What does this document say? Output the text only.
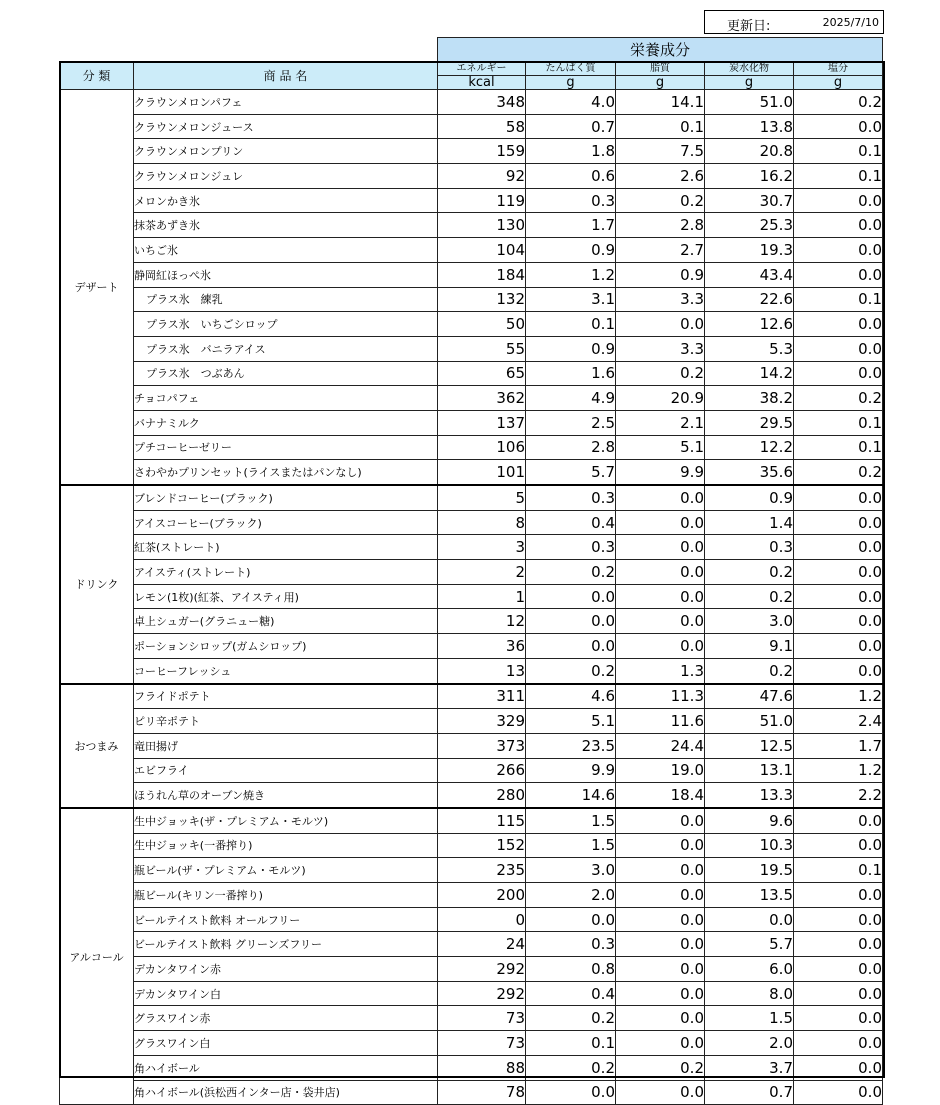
更新日:	2025/7/10
		栄養成分				
分 類	商 品 名	エネルギー	たんぱく質	脂質	炭水化物	塩分
		kcal	g	g	g	g
デザート	クラウンメロンパフェ	348	4.0	14.1	51.0	0.2
	クラウンメロンジュース	58	0.7	0.1	13.8	0.0
	クラウンメロンプリン	159	1.8	7.5	20.8	0.1
	クラウンメロンジュレ	92	0.6	2.6	16.2	0.1
	メロンかき氷	119	0.3	0.2	30.7	0.0
	抹茶あずき氷	130	1.7	2.8	25.3	0.0
	いちご氷	104	0.9	2.7	19.3	0.0
	静岡紅ほっぺ氷	184	1.2	0.9	43.4	0.0
	プラス氷　練乳	132	3.1	3.3	22.6	0.1
	プラス氷　いちごシロップ	50	0.1	0.0	12.6	0.0
	プラス氷　バニラアイス	55	0.9	3.3	5.3	0.0
	プラス氷　つぶあん	65	1.6	0.2	14.2	0.0
	チョコパフェ	362	4.9	20.9	38.2	0.2
	バナナミルク	137	2.5	2.1	29.5	0.1
	プチコーヒーゼリー	106	2.8	5.1	12.2	0.1
	さわやかプリンセット(ライスまたはパンなし)	101	5.7	9.9	35.6	0.2
ドリンク	ブレンドコーヒー(ブラック)	5	0.3	0.0	0.9	0.0
	アイスコーヒー(ブラック)	8	0.4	0.0	1.4	0.0
	紅茶(ストレート)	3	0.3	0.0	0.3	0.0
	アイスティ(ストレート)	2	0.2	0.0	0.2	0.0
	レモン(1枚)(紅茶、アイスティ用)	1	0.0	0.0	0.2	0.0
	卓上シュガー(グラニュー糖)	12	0.0	0.0	3.0	0.0
	ポーションシロップ(ガムシロップ)	36	0.0	0.0	9.1	0.0
	コーヒーフレッシュ	13	0.2	1.3	0.2	0.0
おつまみ	フライドポテト	311	4.6	11.3	47.6	1.2
	ピリ辛ポテト	329	5.1	11.6	51.0	2.4
	竜田揚げ	373	23.5	24.4	12.5	1.7
	エビフライ	266	9.9	19.0	13.1	1.2
	ほうれん草のオーブン焼き	280	14.6	18.4	13.3	2.2
アルコール	生中ジョッキ(ザ・プレミアム・モルツ)	115	1.5	0.0	9.6	0.0
	生中ジョッキ(一番搾り)	152	1.5	0.0	10.3	0.0
	瓶ビール(ザ・プレミアム・モルツ)	235	3.0	0.0	19.5	0.1
	瓶ビール(キリン一番搾り)	200	2.0	0.0	13.5	0.0
	ビールテイスト飲料 オールフリー	0	0.0	0.0	0.0	0.0
	ビールテイスト飲料 グリーンズフリー	24	0.3	0.0	5.7	0.0
	デカンタワイン赤	292	0.8	0.0	6.0	0.0
	デカンタワイン白	292	0.4	0.0	8.0	0.0
	グラスワイン赤	73	0.2	0.0	1.5	0.0
	グラスワイン白	73	0.1	0.0	2.0	0.0
	角ハイボール	88	0.2	0.2	3.7	0.0
	角ハイボール(浜松西インター店・袋井店)	78	0.0	0.0	0.7	0.0
